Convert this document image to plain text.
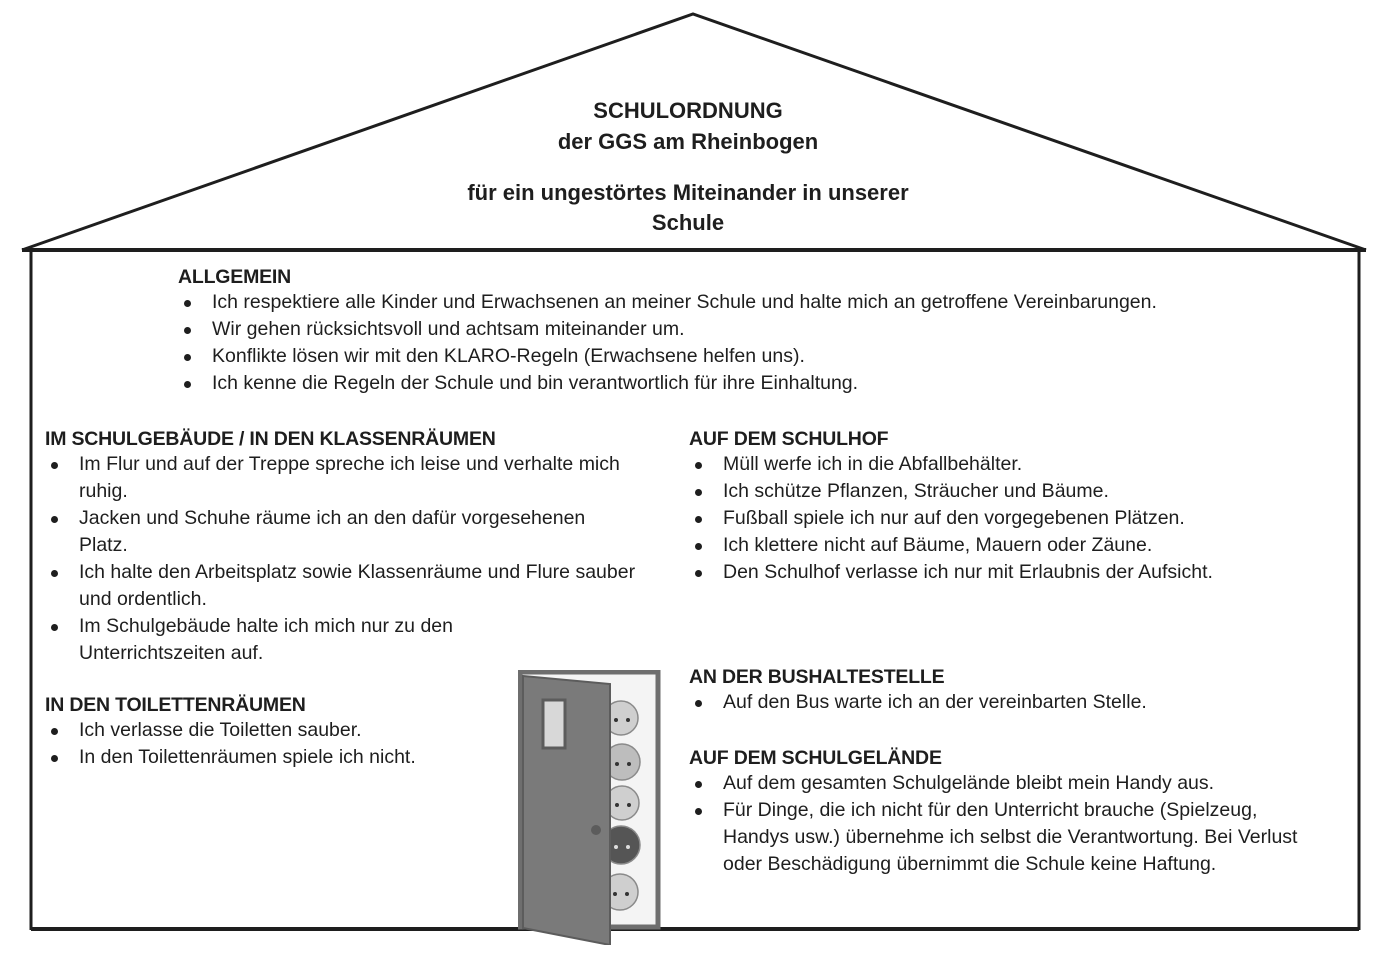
SCHULORDNUNG
der GGS am Rheinbogen
für ein ungestörtes Miteinander in unserer
Schule
ALLGEMEIN
Ich respektiere alle Kinder und Erwachsenen an meiner Schule und halte mich an getroffene Vereinbarungen.
Wir gehen rücksichtsvoll und achtsam miteinander um.
Konflikte lösen wir mit den KLARO-Regeln (Erwachsene helfen uns).
Ich kenne die Regeln der Schule und bin verantwortlich für ihre Einhaltung.
IM SCHULGEBÄUDE / IN DEN KLASSENRÄUMEN
Im Flur und auf der Treppe spreche ich leise und verhalte mich ruhig.
Jacken und Schuhe räume ich an den dafür vorgesehenen Platz.
Ich halte den Arbeitsplatz sowie Klassenräume und Flure sauber und ordentlich.
Im Schulgebäude halte ich mich nur zu den Unterrichtszeiten auf.
IN DEN TOILETTENRÄUMEN
Ich verlasse die Toiletten sauber.
In den Toilettenräumen spiele ich nicht.
AUF DEM SCHULHOF
Müll werfe ich in die Abfallbehälter.
Ich schütze Pflanzen, Sträucher und Bäume.
Fußball spiele ich nur auf den vorgegebenen Plätzen.
Ich klettere nicht auf Bäume, Mauern oder Zäune.
Den Schulhof verlasse ich nur mit Erlaubnis der Aufsicht.
AN DER BUSHALTESTELLE
Auf den Bus warte ich an der vereinbarten Stelle.
AUF DEM SCHULGELÄNDE
Auf dem gesamten Schulgelände bleibt mein Handy aus.
Für Dinge, die ich nicht für den Unterricht brauche (Spielzeug, Handys usw.) übernehme ich selbst die Verantwortung. Bei Verlust oder Beschädigung übernimmt die Schule keine Haftung.
